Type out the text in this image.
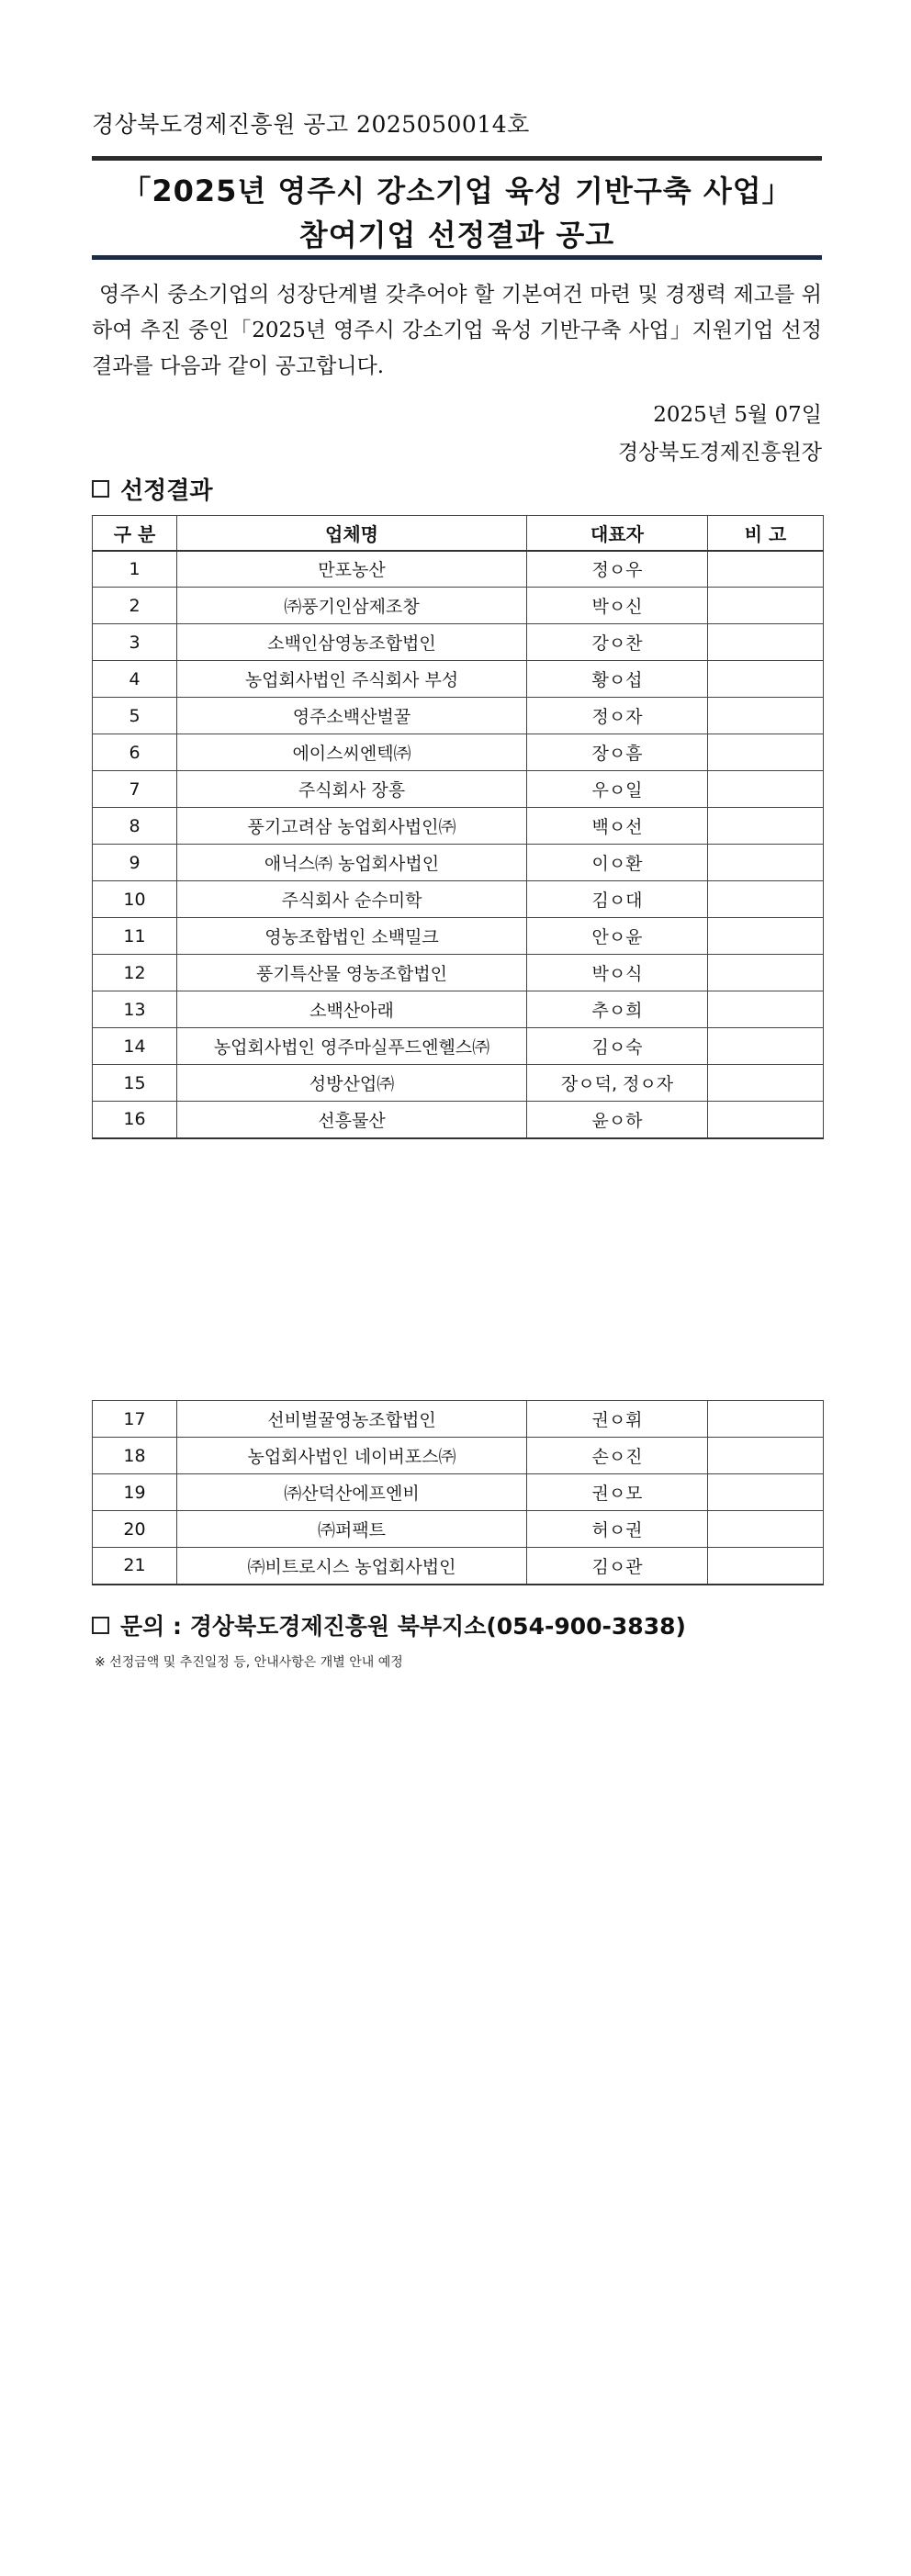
경상북도경제진흥원 공고 2025050014호
「2025년 영주시 강소기업 육성 기반구축 사업」
참여기업 선정결과 공고

영주시 중소기업의 성장단계별 갖추어야 할 기본여건 마련 및 경쟁력 제고를 위하여 추진 중인「2025년 영주시 강소기업 육성 기반구축 사업」지원기업 선정결과를 다음과 같이 공고합니다.

2025년 5월 07일
경상북도경제진흥원장
선정결과
구 분	업체명	대표자	비 고
1	만포농산	정ㅇ우	
2	㈜풍기인삼제조창	박ㅇ신	
3	소백인삼영농조합법인	강ㅇ찬	
4	농업회사법인 주식회사 부성	황ㅇ섭	
5	영주소백산벌꿀	정ㅇ자	
6	에이스씨엔텍㈜	장ㅇ흠	
7	주식회사 장흥	우ㅇ일	
8	풍기고려삼 농업회사법인㈜	백ㅇ선	
9	애닉스㈜ 농업회사법인	이ㅇ환	
10	주식회사 순수미학	김ㅇ대	
11	영농조합법인 소백밀크	안ㅇ윤	
12	풍기특산물 영농조합법인	박ㅇ식	
13	소백산아래	추ㅇ희	
14	농업회사법인 영주마실푸드엔헬스㈜	김ㅇ숙	
15	성방산업㈜	장ㅇ덕, 정ㅇ자	
16	선흥물산	윤ㅇ하	
17	선비벌꿀영농조합법인	권ㅇ휘	
18	농업회사법인 네이버포스㈜	손ㅇ진	
19	㈜산덕산에프엔비	권ㅇ모	
20	㈜퍼팩트	허ㅇ권	
21	㈜비트로시스 농업회사법인	김ㅇ관	
문의 : 경상북도경제진흥원 북부지소(054-900-3838)
※ 선정금액 및 추진일정 등, 안내사항은 개별 안내 예정
